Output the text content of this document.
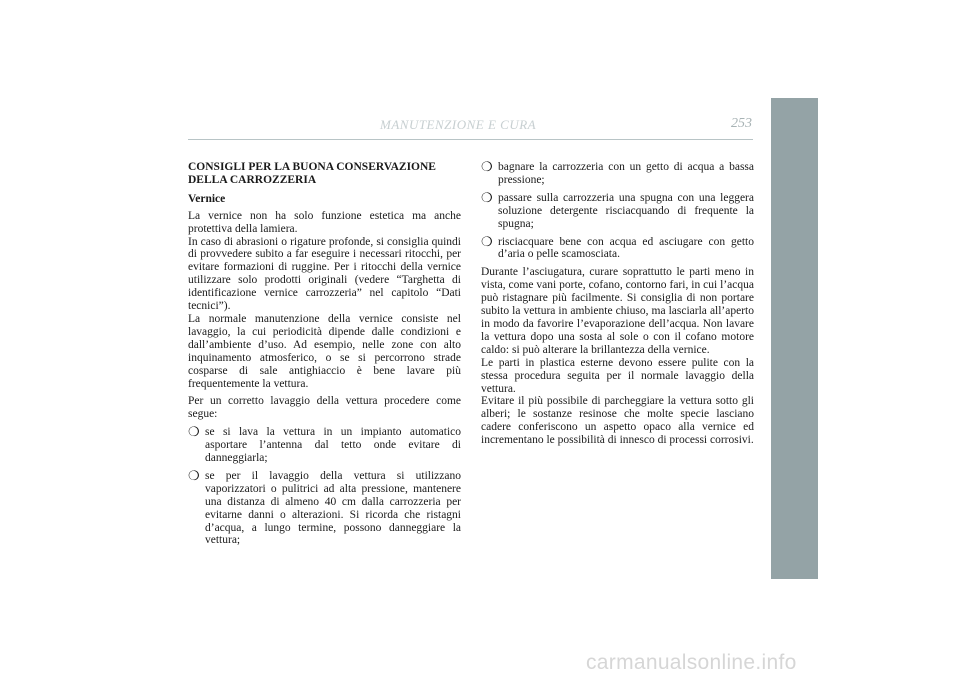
MANUTENZIONE E CURA	253

CONSIGLI PER LA BUONA CONSERVAZIONE DELLA CARROZZERIA

Vernice

La vernice non ha solo funzione estetica ma anche protettiva della lamiera.

In caso di abrasioni o rigature profonde, si consiglia quindi di provvedere subito a far eseguire i necessari ritocchi, per evitare formazioni di ruggine. Per i ritocchi della vernice utilizzare solo prodotti originali (vedere “Targhetta di identificazione vernice carrozzeria” nel capitolo “Dati tecnici”).

La normale manutenzione della vernice consiste nel lavaggio, la cui periodicità dipende dalle condizioni e dall’ambiente d’uso. Ad esempio, nelle zone con alto inquinamento atmosferico, o se si percorrono strade cosparse di sale antighiaccio è bene lavare più frequentemente la vettura.

Per un corretto lavaggio della vettura procedere come segue:

❍ se si lava la vettura in un impianto automatico asportare l’antenna dal tetto onde evitare di danneggiarla;
❍ se per il lavaggio della vettura si utilizzano vaporizzatori o pulitrici ad alta pressione, mantenere una distanza di almeno 40 cm dalla carrozzeria per evitarne danni o alterazioni. Si ricorda che ristagni d’acqua, a lungo termine, possono danneggiare la vettura;
❍ bagnare la carrozzeria con un getto di acqua a bassa pressione;
❍ passare sulla carrozzeria una spugna con una leggera soluzione detergente risciacquando di frequente la spugna;
❍ risciacquare bene con acqua ed asciugare con getto d’aria o pelle scamosciata.

Durante l’asciugatura, curare soprattutto le parti meno in vista, come vani porte, cofano, contorno fari, in cui l’acqua può ristagnare più facilmente. Si consiglia di non portare subito la vettura in ambiente chiuso, ma lasciarla all’aperto in modo da favorire l’evaporazione dell’acqua. Non lavare la vettura dopo una sosta al sole o con il cofano motore caldo: si può alterare la brillantezza della vernice.

Le parti in plastica esterne devono essere pulite con la stessa procedura seguita per il normale lavaggio della vettura.

Evitare il più possibile di parcheggiare la vettura sotto gli alberi; le sostanze resinose che molte specie lasciano cadere conferiscono un aspetto opaco alla vernice ed incrementano le possibilità di innesco di processi corrosivi.

carmanualsonline.info
